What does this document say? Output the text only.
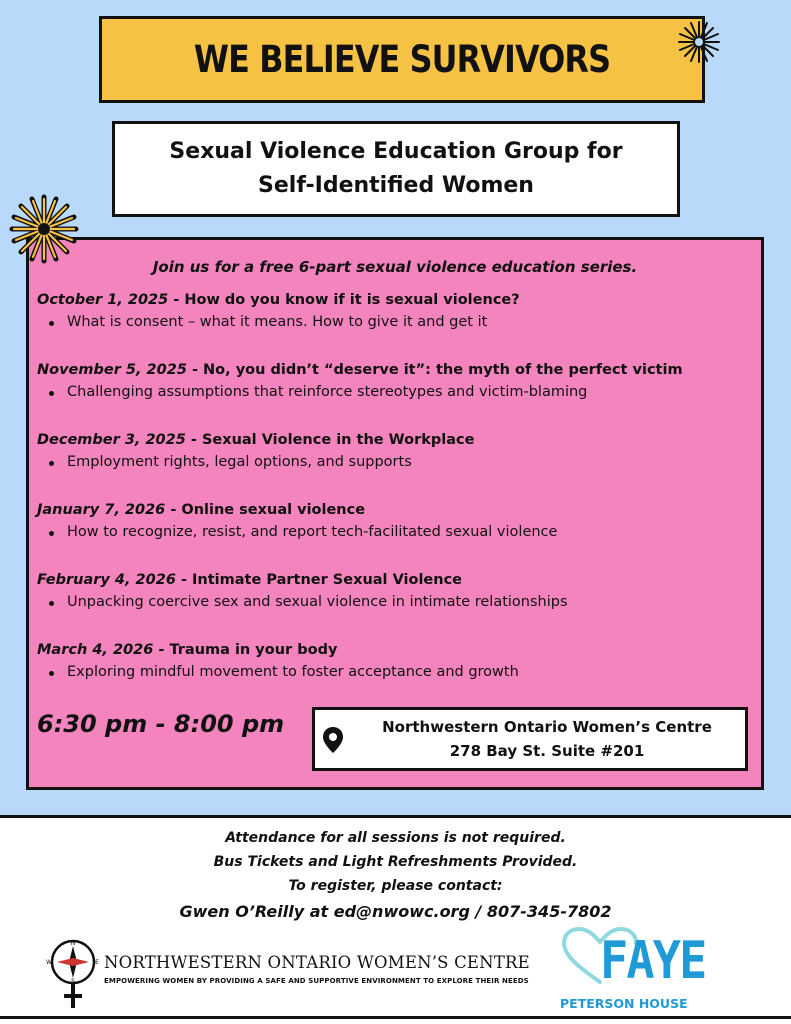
WE BELIEVE SURVIVORS
Sexual Violence Education Group for
Self-Identified Women
Join us for a free 6-part sexual violence education series.
October 1, 2025 - How do you know if it is sexual violence?
What is consent – what it means. How to give it and get it
November 5, 2025 - No, you didn’t “deserve it”: the myth of the perfect victim
Challenging assumptions that reinforce stereotypes and victim-blaming
December 3, 2025 - Sexual Violence in the Workplace
Employment rights, legal options, and supports
January 7, 2026 - Online sexual violence
How to recognize, resist, and report tech-facilitated sexual violence
February 4, 2026 - Intimate Partner Sexual Violence
Unpacking coercive sex and sexual violence in intimate relationships
March 4, 2026 - Trauma in your body
Exploring mindful movement to foster acceptance and growth
6:30 pm - 8:00 pm	Northwestern Ontario Women’s Centre
278 Bay St. Suite #201
Attendance for all sessions is not required.
Bus Tickets and Light Refreshments Provided.
To register, please contact:
Gwen O’Reilly at ed@nwowc.org / 807-345-7802
N
S
W	E NORTHWESTERN ONTARIO WOMEN’S CENTRE
EMPOWERING WOMEN BY PROVIDING A SAFE AND SUPPORTIVE ENVIRONMENT TO EXPLORE THEIR NEEDS FAYE
PETERSON HOUSE
